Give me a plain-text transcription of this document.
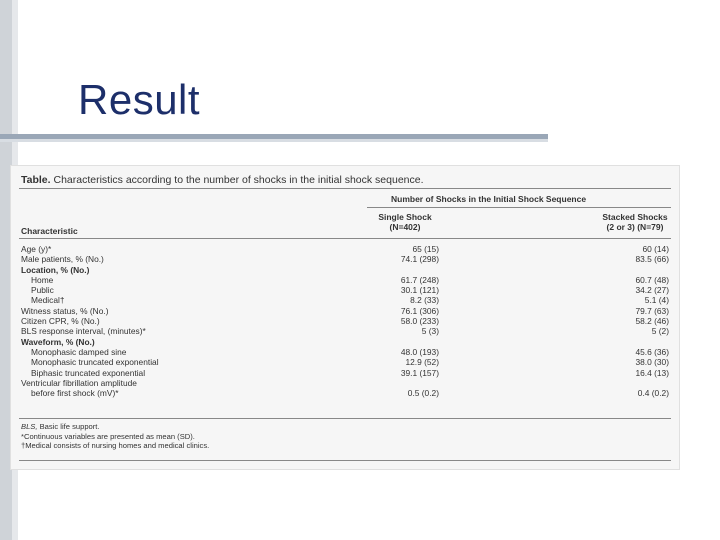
Result
Table. Characteristics according to the number of shocks in the initial shock sequence.
Number of Shocks in the Initial Shock Sequence
Single Shock
(N=402)
Stacked Shocks
(2 or 3) (N=79)
Characteristic
Age (y)*	65 (15)	60 (14)
Male patients, % (No.)	74.1 (298)	83.5 (66)
Location, % (No.)
Home	61.7 (248)	60.7 (48)
Public	30.1 (121)	34.2 (27)
Medical†	8.2 (33)	5.1 (4)
Witness status, % (No.)	76.1 (306)	79.7 (63)
Citizen CPR, % (No.)	58.0 (233)	58.2 (46)
BLS response interval, (minutes)*	5 (3)	5 (2)
Waveform, % (No.)
Monophasic damped sine	48.0 (193)	45.6 (36)
Monophasic truncated exponential	12.9 (52)	38.0 (30)
Biphasic truncated exponential	39.1 (157)	16.4 (13)
Ventricular fibrillation amplitude
before first shock (mV)*	0.5 (0.2)	0.4 (0.2)
BLS, Basic life support.
*Continuous variables are presented as mean (SD).
†Medical consists of nursing homes and medical clinics.
